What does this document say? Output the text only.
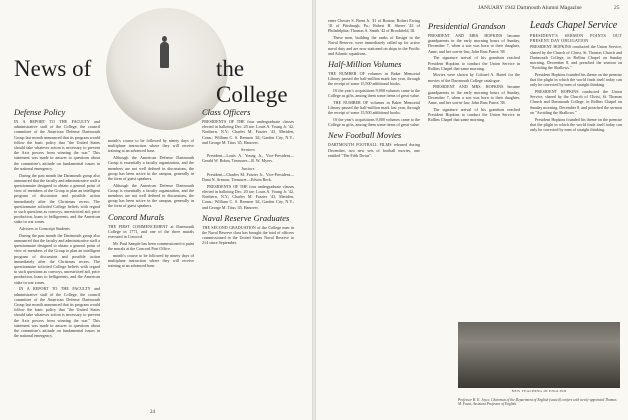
News of	the College
Defense Policy

IN A REPORT TO THE FACULTY and administrative staff of the College, the council committee of the American Defense Dartmouth Group last month announced that its program would follow the basic policy that "the United States should take whatever action is necessary to prevent the Axis powers from winning the war." This statement was made in answer to questions about the committee's attitude on fundamental issues in the national emergency.

During the past month the Dartmouth group also announced that the faculty and administrative staff a questionnaire designed to obtain a general point of view of members of the Group to plan an intelligent program of discussion and possible action immediately after the Christmas recess. The questionnaire solicited College beliefs with regard to such questions as convoys, unrestricted aid, price production, loans to belligerents, and the American stake in war zones.

Advisers to Conscript Students

During the past month the Dartmouth group also announced that the faculty and administrative staff a questionnaire designed to obtain a general point of view of members of the Group to plan an intelligent program of discussion and possible action immediately after the Christmas recess. The questionnaire solicited College beliefs with regard to such questions as convoys, unrestricted aid, price production, loans to belligerents, and the American stake in war zones.

IN A REPORT TO THE FACULTY and administrative staff of the College, the council committee of the American Defense Dartmouth Group last month announced that its program would follow the basic policy that "the United States should take whatever action is necessary to prevent the Axis powers from winning the war." This statement was made in answer to questions about the committee's attitude on fundamental issues in the national emergency.

month's course to be followed by ninety days of multiplane instruction where they will receive training at an advanced base.

Although the American Defense Dartmouth Group is essentially a faculty organization, and the members are not well defined in discussions, the group has been active in the campus, generally in the form of guest speakers.

Although the American Defense Dartmouth Group is essentially a faculty organization, and the members are not well defined in discussions, the group has been active in the campus, generally in the form of guest speakers.

Concord Murals

THE FIRST COMMENCEMENT at Dartmouth College in 1771, and one of the three murals executed in Concord.

Mr. Paul Sample has been commissioned to paint the murals at the Concord Post Office.

month's course to be followed by ninety days of multiplane instruction where they will receive training at an advanced base.

Class Officers

PRESIDENTS OF THE four undergraduate classes elected in balloting Dec. 20 are: Louis A. Young Jr. '42, Northern, N.Y.; Charles M. Frazier '43, Meriden, Conn.; William C. S. Remsen '44, Garden City, N.Y.; and George M. Titus '45, Hanover.

Seniors

President—Louis A. Young Jr., Vice-President—Gerald W. Bohm, Treasurer—R. W. Myers.

Juniors

President—Charles M. Frazier Jr., Vice-President—Dana N. Armour, Treasurer—Edwin Beck.

PRESIDENTS OF THE four undergraduate classes elected in balloting Dec. 20 are: Louis A. Young Jr. '42, Northern, N.Y.; Charles M. Frazier '43, Meriden, Conn.; William C. S. Remsen '44, Garden City, N.Y.; and George M. Titus '45, Hanover.

Naval Reserve Graduates

THE SECOND GRADUATION of the College men in the Naval Reserve class has brought the total of officers commissioned in the United States Naval Reserve to 214 since September.

24
JANUARY 1942 Dartmouth Alumni Magazine	25

enter Chester S. Brent Jr. '41 of Boston; Robert Ewing '41 of Pittsburgh, Pa.; Robert H. Sherer '42 of Philadelphia; Thomas A. Smith '42 of Brookfield, Ill.

These men, building the ranks of Ensign in the Naval Reserve, were immediately called up for active naval duty and are now stationed on ships in the Pacific and Atlantic squadrons.

Half-Million Volumes

THE NUMBER OF volumes in Baker Memorial Library passed the half-million mark last year, through the receipt of some 15,500 additional books.

Of the year's acquisitions 9,000 volumes came to the College as gifts, among them some items of great value.

THE NUMBER OF volumes in Baker Memorial Library passed the half-million mark last year, through the receipt of some 15,500 additional books.

Of the year's acquisitions 9,000 volumes came to the College as gifts, among them some items of great value.

New Football Movies

DARTMOUTH FOOTBALL FILMS released during December, two new sets of football movies, one entitled "The Fifth Down".

Presidential Grandson

PRESIDENT AND MRS. HOPKINS became grandparents in the early morning hours of Sunday, December 7, when a son was born to their daughter, Anne, and her son-in-law, John Rust Parrot '38.

The signature arrival of his grandson reached President Hopkins to conduct the Union Service in Rollins Chapel that same morning.

Movies were shown by Colonel A. Bartel for the movies of the Dartmouth College catalogue.

PRESIDENT AND MRS. HOPKINS became grandparents in the early morning hours of Sunday, December 7, when a son was born to their daughter, Anne, and her son-in-law, John Rust Parrot '38.

The signature arrival of his grandson reached President Hopkins to conduct the Union Service in Rollins Chapel that same morning.

Leads Chapel Service
PRESIDENT'S SERMON POINTS OUT PRESENT DAY OBLIGATION

PRESIDENT HOPKINS conducted the Union Service, shared by the Church of Christ, St. Thomas Church and Dartmouth College, in Rollins Chapel on Sunday morning, December 8, and preached the sermon on "Avoiding the Shallows."

President Hopkins founded his theme on the premise that the plight in which the world finds itself today can only be corrected by men of straight thinking.

PRESIDENT HOPKINS conducted the Union Service, shared by the Church of Christ, St. Thomas Church and Dartmouth College, in Rollins Chapel on Sunday morning, December 8, and preached the sermon on "Avoiding the Shallows."

President Hopkins founded his theme on the premise that the plight in which the world finds itself today can only be corrected by men of straight thinking.

NEW TEACHING IN ENGLISH
Professor H. E. Joyce, Chairman of the Department of English (seated) confers with newly-appointed Thomas M. Faust, Assistant Professor of English.
